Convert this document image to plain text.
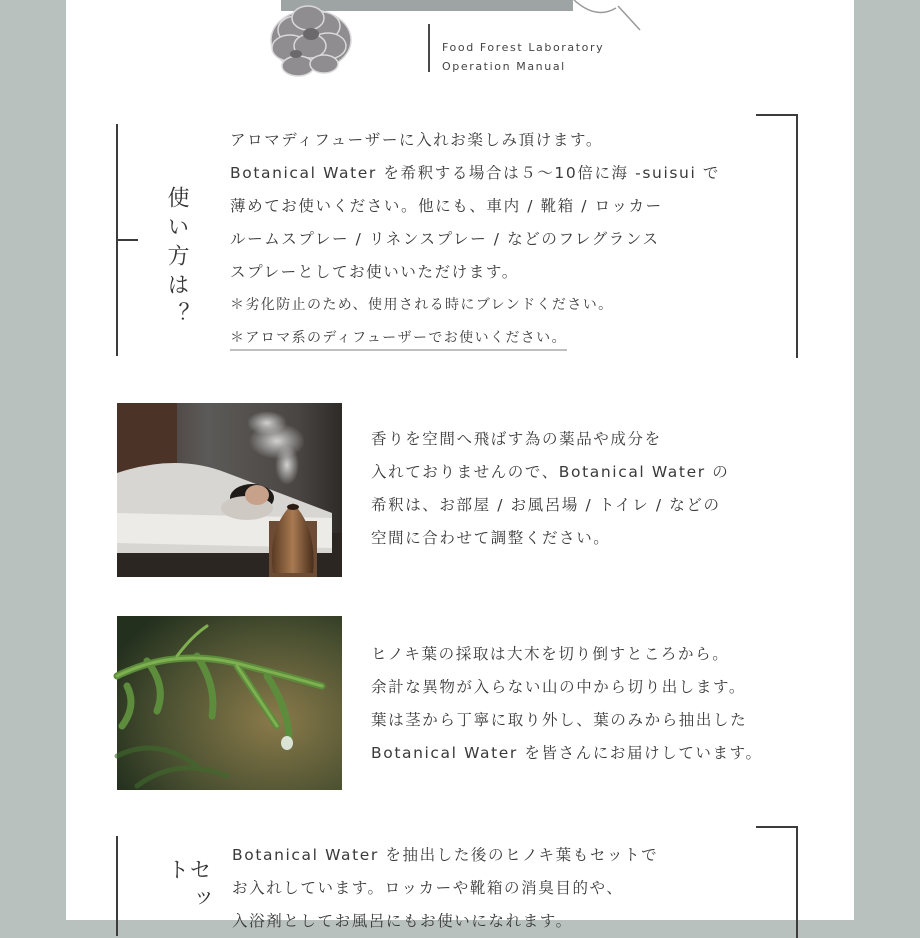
Food Forest Laboratory
Operation Manual
使い方は？
アロマディフューザーに入れお楽しみ頂けます。
Botanical Water を希釈する場合は５～10倍に海 -suisui で
薄めてお使いください。他にも、車内 / 靴箱 / ロッカー
ルームスプレー / リネンスプレー / などのフレグランス
スプレーとしてお使いいただけます。
＊劣化防止のため、使用される時にブレンドください。
＊アロマ系のディフューザーでお使いください。
香りを空間へ飛ばす為の薬品や成分を
入れておりませんので、Botanical Water の
希釈は、お部屋 / お風呂場 / トイレ / などの
空間に合わせて調整ください。
ヒノキ葉の採取は大木を切り倒すところから。
余計な異物が入らない山の中から切り出します。
葉は茎から丁寧に取り外し、葉のみから抽出した
Botanical Water を皆さんにお届けしています。
セット
Botanical Water を抽出した後のヒノキ葉もセットで
お入れしています。ロッカーや靴箱の消臭目的や、
入浴剤としてお風呂にもお使いになれます。
